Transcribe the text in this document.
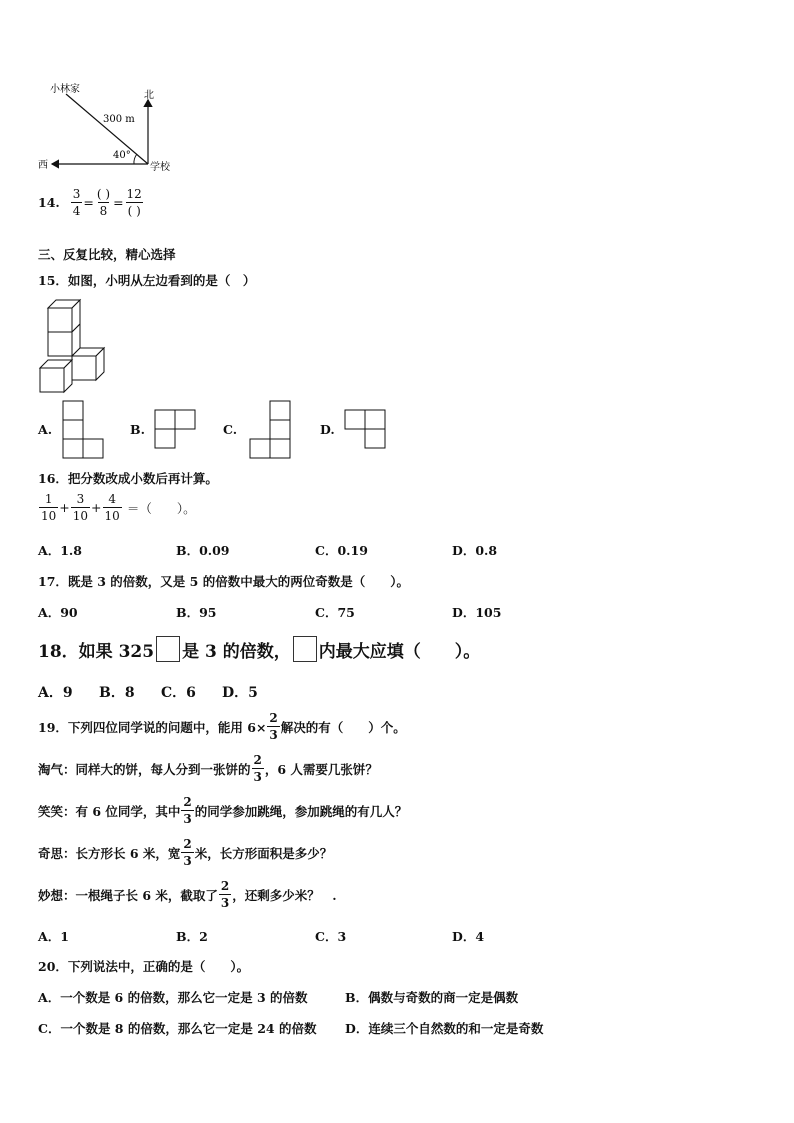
小林家
300 m
北
西
40°
学校
14. $\frac{3}{4} = \frac{( )}{8} = \frac{12}{( )}$
三、反复比较，精心选择
15．如图，小明从左边看到的是（　）
A.	B.	C.	D.
16．把分数改成小数后再计算。
$\frac{1}{10} + \frac{3}{10} + \frac{4}{10}$ ＝（　　）。
A．1.8	B．0.09	C．0.19	D．0.8
17．既是 3 的倍数，又是 5 的倍数中最大的两位奇数是（　　）。
A．90	B．95	C．75	D．105
18．如果 325 是 3 的倍数， 内最大应填（　　）。
A．9 B．8 C．6 D．5
19．下列四位同学说的问题中，能用 $6\times \frac{2}{3}$ 解决的有（　　）个。
淘气：同样大的饼，每人分到一张饼的 $\frac{2}{3}$ ，6 人需要几张饼？
笑笑：有 6 位同学，其中 $\frac{2}{3}$ 的同学参加跳绳，参加跳绳的有几人？
奇思：长方形长 6 米，宽 $\frac{2}{3}$ 米，长方形面积是多少？
妙想：一根绳子长 6 米，截取了 $\frac{2}{3}$ ，还剩多少米？　.
A．1	B．2	C．3	D．4
20．下列说法中，正确的是（　　）。
A．一个数是 6 的倍数，那么它一定是 3 的倍数	B．偶数与奇数的商一定是偶数
C．一个数是 8 的倍数，那么它一定是 24 的倍数 D．连续三个自然数的和一定是奇数
